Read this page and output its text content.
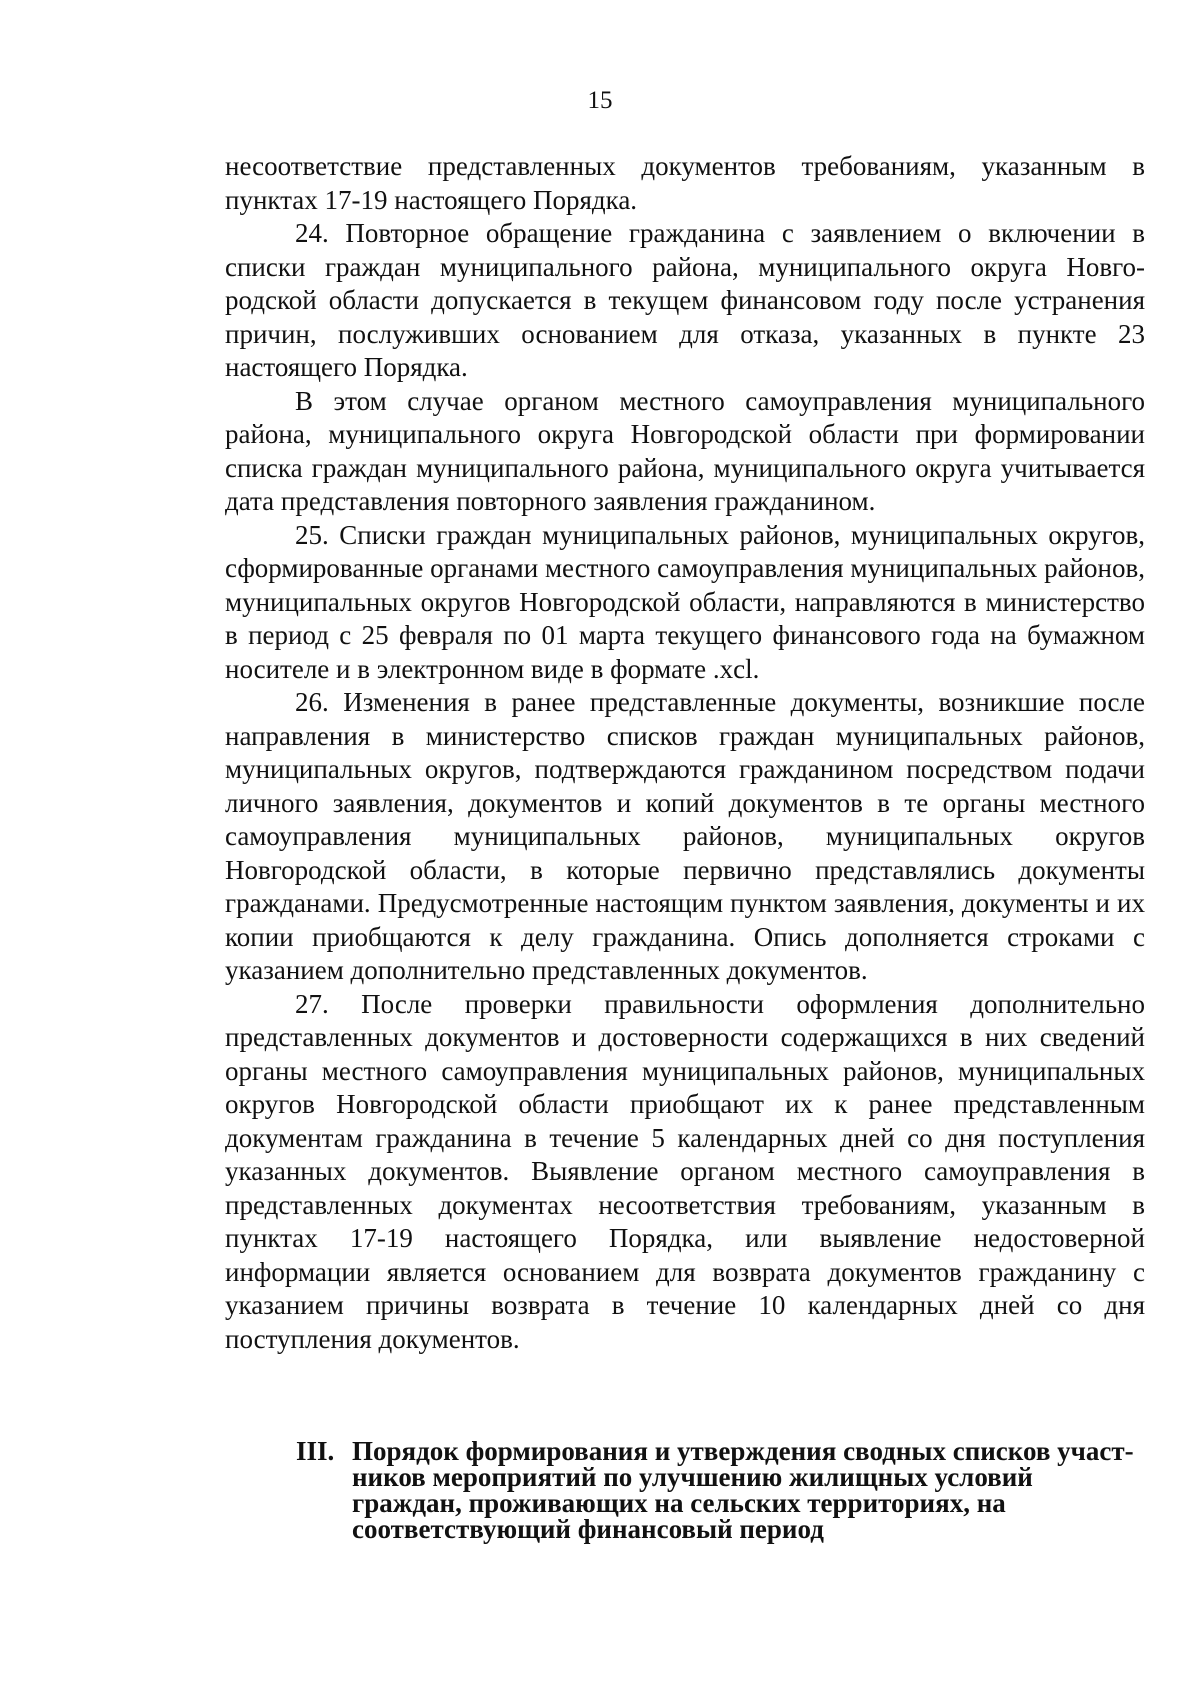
15

несоответствие представленных документов требованиям, указанным в пунктах 17-19 настоящего Порядка.

24. Повторное обращение гражданина с заявлением о включении в списки граждан муниципального района, муниципального округа Новгородской области допускается в текущем финансовом году после устранения причин, послуживших основанием для отказа, указанных в пункте 23 настоящего Порядка.

В этом случае органом местного самоуправления муниципального района, муниципального округа Новгородской области при формировании списка граждан муниципального района, муниципального округа учитывается дата представления повторного заявления гражданином.

25. Списки граждан муниципальных районов, муниципальных округов, сформированные органами местного самоуправления муниципальных районов, муниципальных округов Новгородской области, направляются в министерство в период с 25 февраля по 01 марта текущего финансового года на бумажном носителе и в электронном виде в формате .xcl.

26. Изменения в ранее представленные документы, возникшие после направления в министерство списков граждан муниципальных районов, муниципальных округов, подтверждаются гражданином посредством подачи личного заявления, документов и копий документов в те органы местного самоуправления муниципальных районов, муниципальных округов Новгородской области, в которые первично представлялись документы гражданами. Предусмотренные настоящим пунктом заявления, документы и их копии приобщаются к делу гражданина. Опись дополняется строками с указанием дополнительно представленных документов.

27. После проверки правильности оформления дополнительно представленных документов и достоверности содержащихся в них сведений органы местного самоуправления муниципальных районов, муниципальных округов Новгородской области приобщают их к ранее представленным документам гражданина в течение 5 календарных дней со дня поступления указанных документов. Выявление органом местного самоуправления в представленных документах несоответствия требованиям, указанным в пунктах 17-19 настоящего Порядка, или выявление недостоверной информации является основанием для возврата документов гражданину с указанием причины возврата в течение 10 календарных дней со дня поступления документов.

III. Порядок формирования и утверждения сводных списков участников мероприятий по улучшению жилищных условий граждан, проживающих на сельских территориях, на соответствующий финансовый период
